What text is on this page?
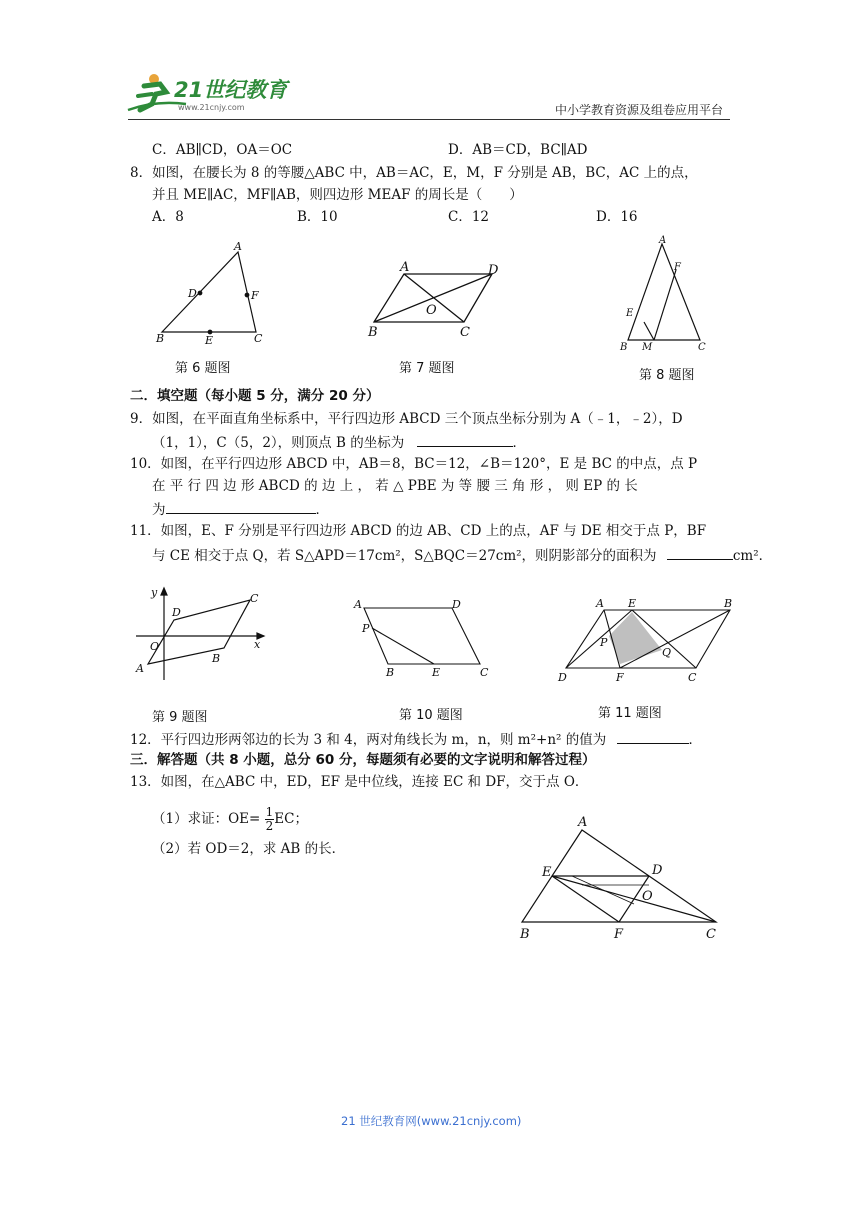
21世纪教育
www.21cnjy.com	中小学教育资源及组卷应用平台
C．AB∥CD，OA＝OC	D．AB＝CD，BC∥AD
8．如图，在腰长为 8 的等腰△ABC 中，AB＝AC，E，M，F 分别是 AB，BC，AC 上的点，
并且 ME∥AC，MF∥AB，则四边形 MEAF 的周长是（　　）
A．8	B．10	C．12	D．16
A
B	C
D
E
F
第 6 题图
A
B	C
D
O
第 7 题图
A
B	C
E
F
M
第 8 题图
二．填空题（每小题 5 分，满分 20 分）
9．如图，在平面直角坐标系中，平行四边形 ABCD 三个顶点坐标分别为 A（﹣1，﹣2），D
（1，1），C（5，2），则顶点 B 的坐标为	．
10．如图，在平行四边形 ABCD 中，AB＝8，BC＝12，∠B＝120°，E 是 BC 的中点，点 P
在 平 行 四 边 形 ABCD 的 边 上 ， 若 △ PBE 为 等 腰 三 角 形 ， 则 EP 的 长
为	．
11．如图，E、F 分别是平行四边形 ABCD 的边 AB、CD 上的点，AF 与 DE 相交于点 P，BF
与 CE 相交于点 Q，若 S△APD＝17cm²，S△BQC＝27cm²，则阴影部分的面积为	cm²．
y
x
O
A
B
C
D
第 9 题图
A
B	C
D
E
P
第 10 题图
A	B
C
D
E
F
P
Q
第 11 题图
12．平行四边形两邻边的长为 3 和 4，两对角线长为 m，n，则 m²+n² 的值为	．
三．解答题（共 8 小题，总分 60 分，每题须有必要的文字说明和解答过程）
13．如图，在△ABC 中，ED，EF 是中位线，连接 EC 和 DF，交于点 O．
（1）求证：$OE= \frac{1}{2}$ EC；
（2）若 OD＝2，求 AB 的长．
A
B	C
D
E
F
O
21 世纪教育网(www.21cnjy.com)
